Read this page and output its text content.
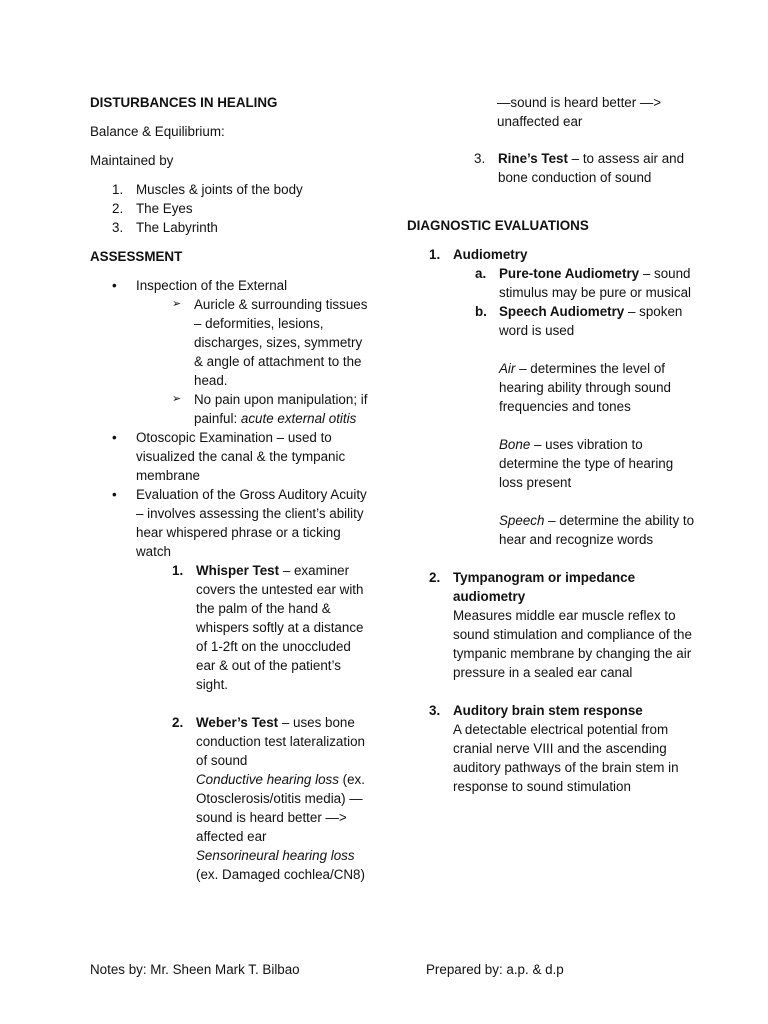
DISTURBANCES IN HEALING

Balance & Equilibrium:

Maintained by

1. Muscles & joints of the body
2. The Eyes
3. The Labyrinth

ASSESSMENT

•	Inspection of the External
➢ Auricle & surrounding tissues – deformities, lesions, discharges, sizes, symmetry & angle of attachment to the head.
➢ No pain upon manipulation; if painful: acute external otitis
•	Otoscopic Examination – used to visualized the canal & the tympanic membrane
•	Evaluation of the Gross Auditory Acuity – involves assessing the client’s ability hear whispered phrase or a ticking watch
1. Whisper Test – examiner covers the untested ear with the palm of the hand & whispers softly at a distance of 1-2ft on the unoccluded ear & out of the patient’s sight.
2. Weber’s Test – uses bone conduction test lateralization of sound
Conductive hearing loss (ex. Otosclerosis/otitis media) — sound is heard better —> affected ear
Sensorineural hearing loss
(ex. Damaged cochlea/CN8)
—sound is heard better —> unaffected ear
3. Rine’s Test – to assess air and bone conduction of sound

DIAGNOSTIC EVALUATIONS

1. Audiometry
a. Pure-tone Audiometry – sound stimulus may be pure or musical
b. Speech Audiometry – spoken word is used

Air – determines the level of hearing ability through sound frequencies and tones

Bone – uses vibration to determine the type of hearing loss present

Speech – determine the ability to hear and recognize words

2. Tympanogram or impedance audiometry
Measures middle ear muscle reflex to sound stimulation and compliance of the tympanic membrane by changing the air pressure in a sealed ear canal
3. Auditory brain stem response
A detectable electrical potential from cranial nerve VIII and the ascending auditory pathways of the brain stem in response to sound stimulation
Notes by: Mr. Sheen Mark T. Bilbao	Prepared by: a.p. & d.p
